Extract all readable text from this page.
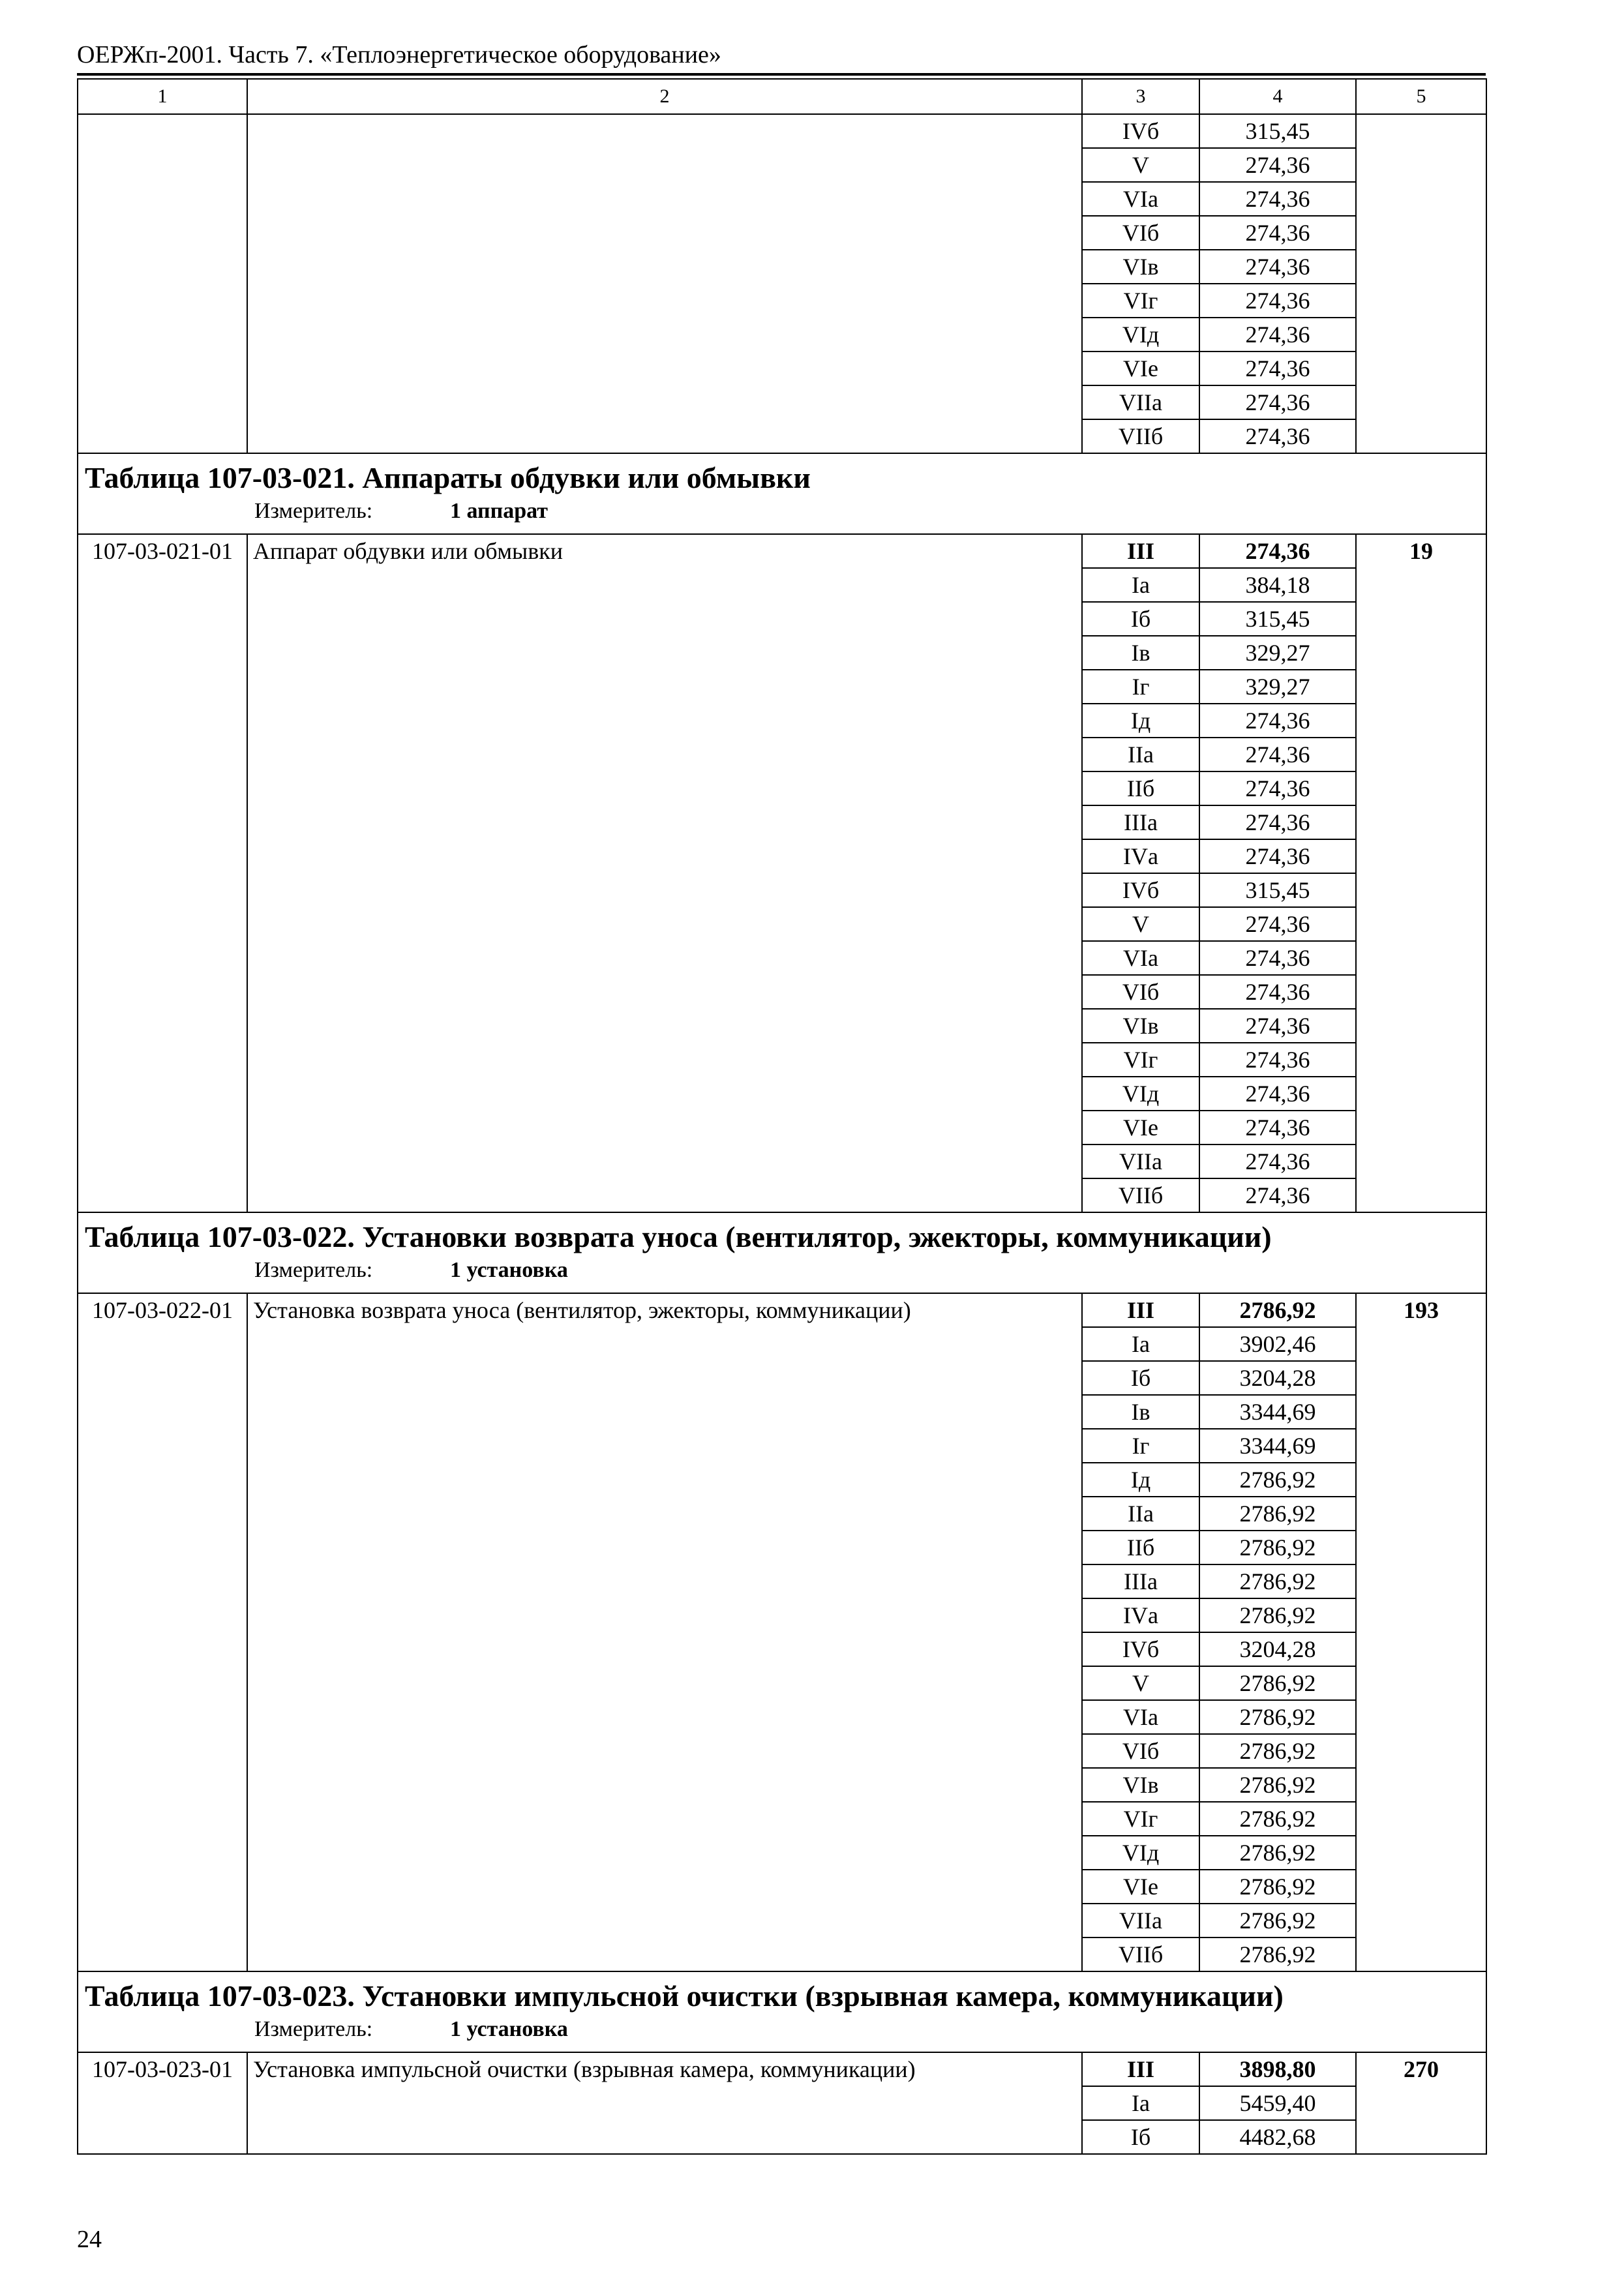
ОЕРЖп-2001. Часть 7. «Теплоэнергетическое оборудование»
1	2	3	4	5
		IVб	315,45	
		V	274,36	
		VIа	274,36	
		VIб	274,36	
		VIв	274,36	
		VIг	274,36	
		VIд	274,36	
		VIе	274,36	
		VIIа	274,36	
		VIIб	274,36	

Таблица 107-03-021. Аппараты обдувки или обмывки
Измеритель: 1 аппарат				

107-03-021-01	Аппарат обдувки или обмывки	III	274,36	19
		Iа	384,18	
		Iб	315,45	
		Iв	329,27	
		Iг	329,27	
		Iд	274,36	
		IIа	274,36	
		IIб	274,36	
		IIIа	274,36	
		IVа	274,36	
		IVб	315,45	
		V	274,36	
		VIа	274,36	
		VIб	274,36	
		VIв	274,36	
		VIг	274,36	
		VIд	274,36	
		VIе	274,36	
		VIIа	274,36	
		VIIб	274,36	

Таблица 107-03-022. Установки возврата уноса (вентилятор, эжекторы, коммуникации)
Измеритель: 1 установка				

107-03-022-01	Установка возврата уноса (вентилятор, эжекторы, коммуникации)	III	2786,92	193
		Iа	3902,46	
		Iб	3204,28	
		Iв	3344,69	
		Iг	3344,69	
		Iд	2786,92	
		IIа	2786,92	
		IIб	2786,92	
		IIIа	2786,92	
		IVа	2786,92	
		IVб	3204,28	
		V	2786,92	
		VIа	2786,92	
		VIб	2786,92	
		VIв	2786,92	
		VIг	2786,92	
		VIд	2786,92	
		VIе	2786,92	
		VIIа	2786,92	
		VIIб	2786,92	

Таблица 107-03-023. Установки импульсной очистки (взрывная камера, коммуникации)
Измеритель: 1 установка				

107-03-023-01	Установка импульсной очистки (взрывная камера, коммуникации)	III	3898,80	270
		Iа	5459,40	
		Iб	4482,68	
24
